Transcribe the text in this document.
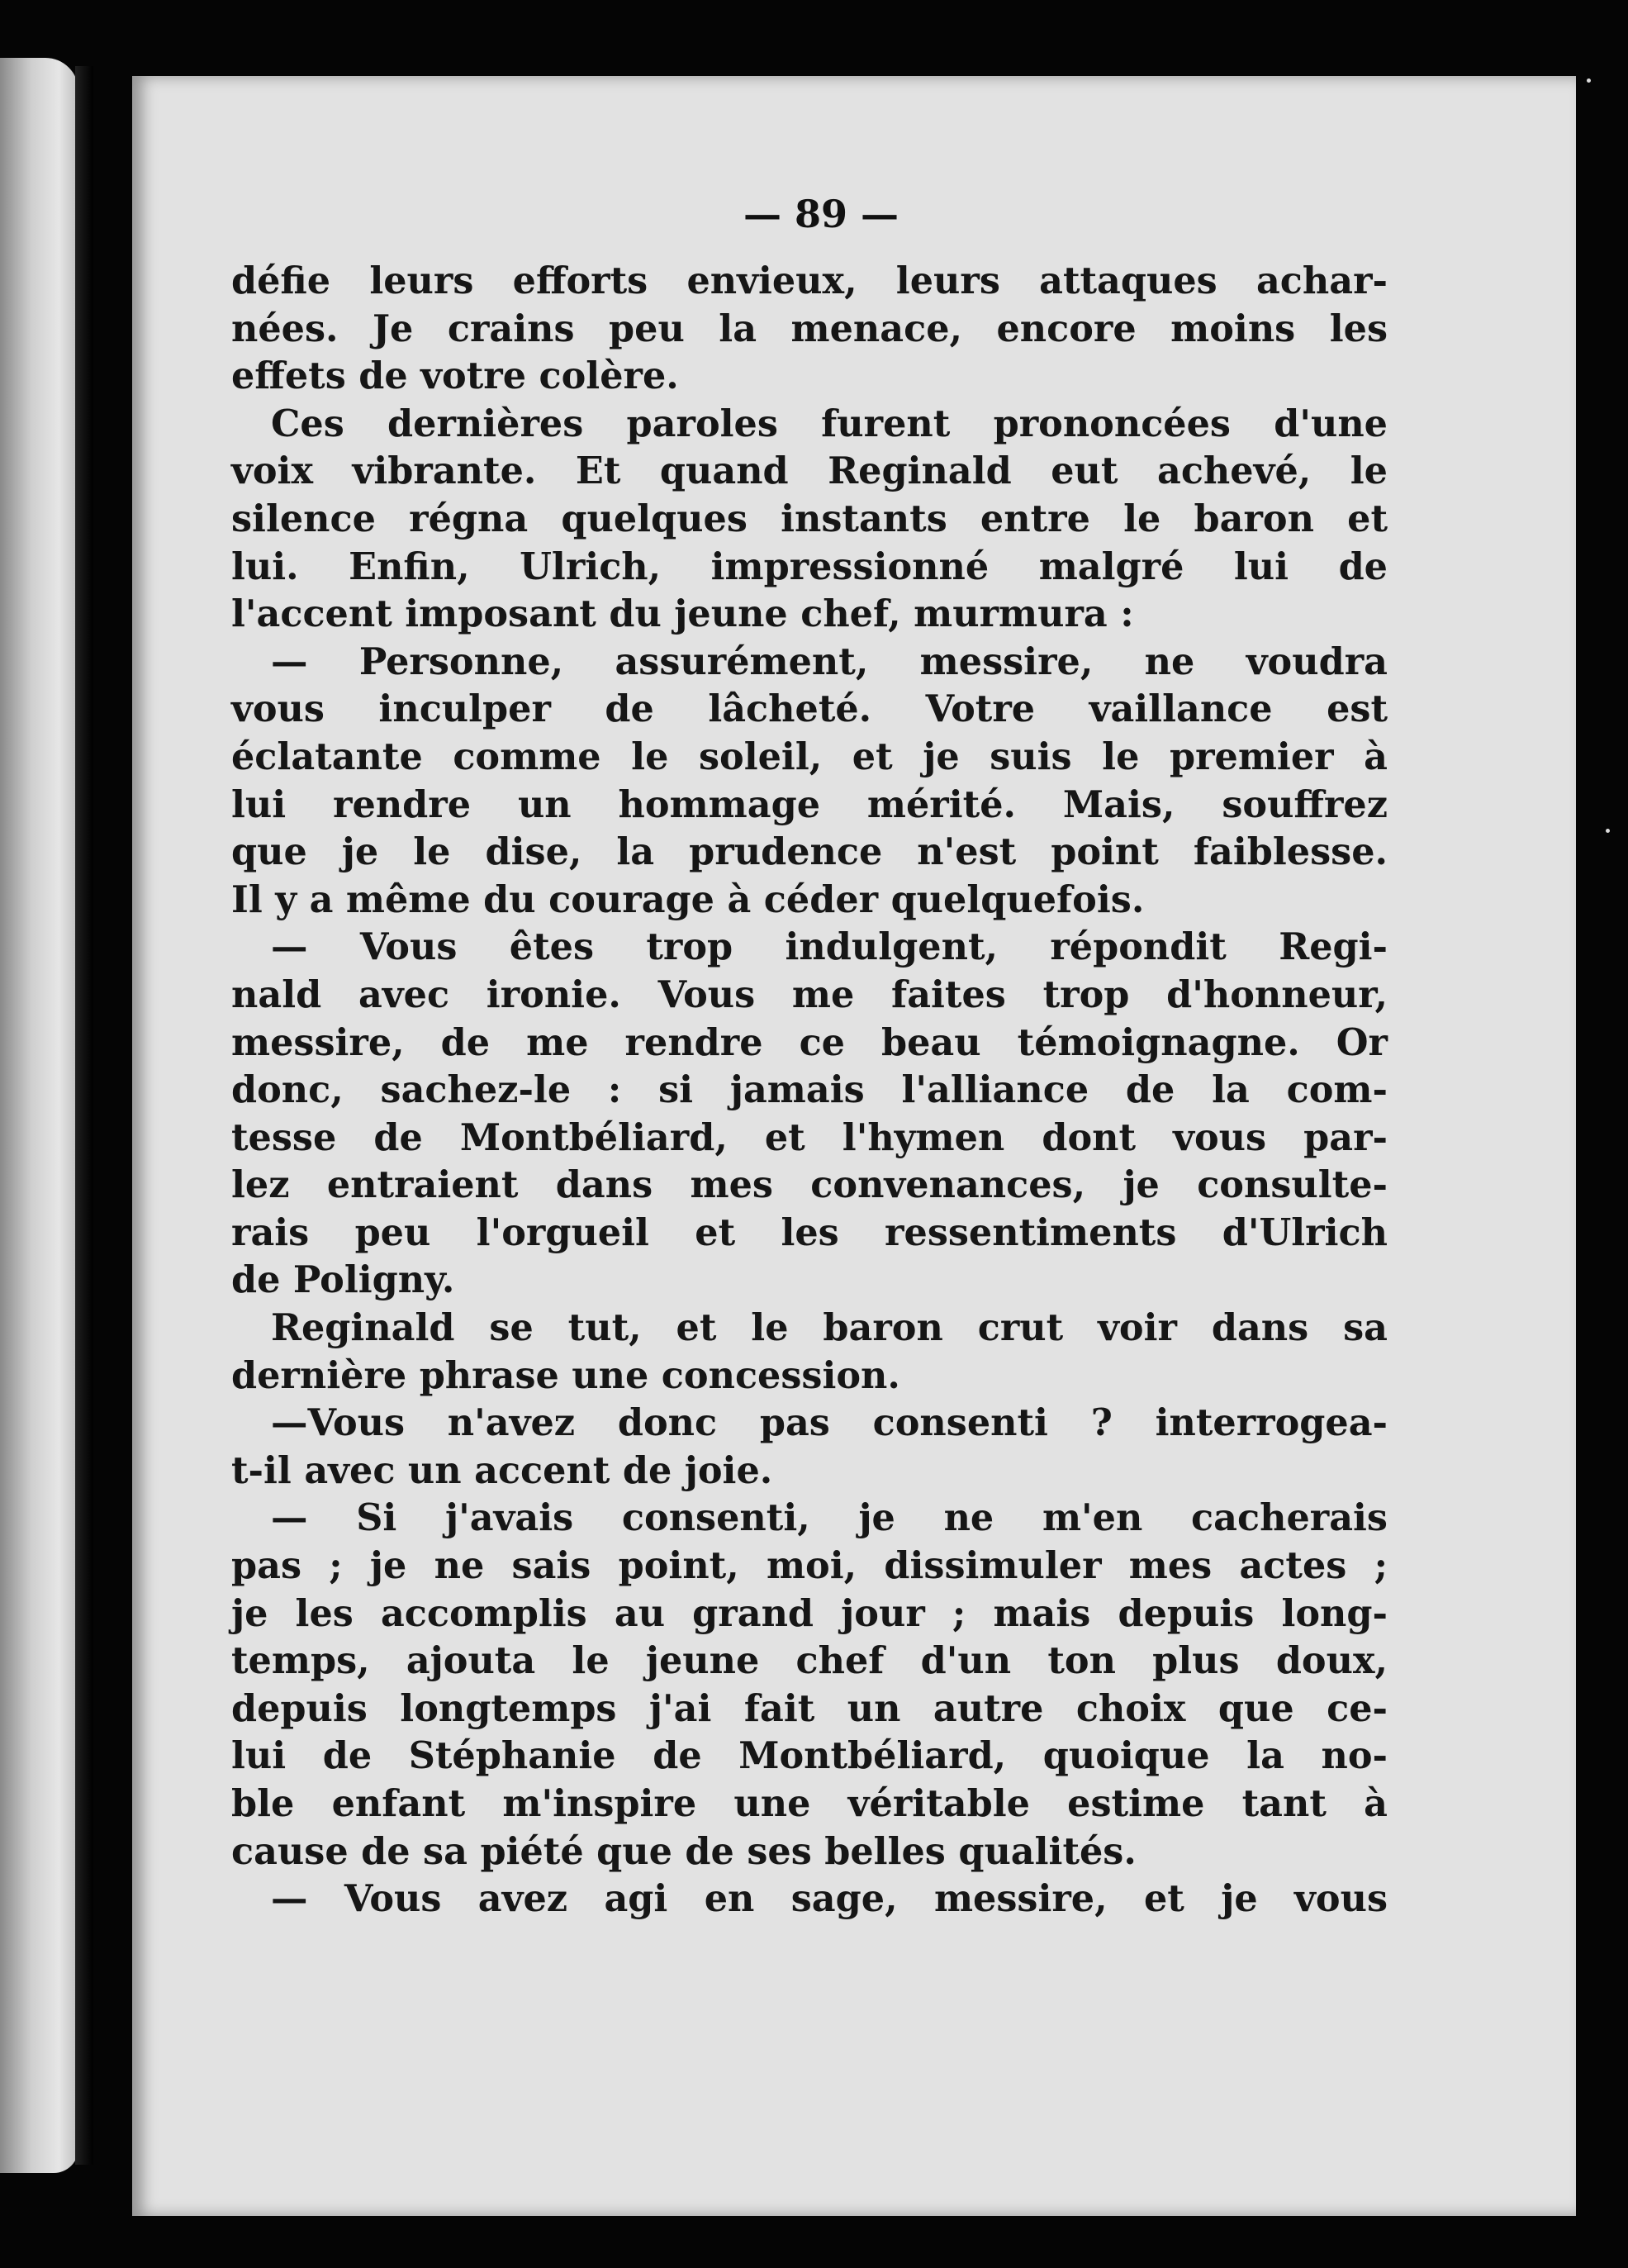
— 89 —
défie leurs efforts envieux, leurs attaques achar-
nées. Je crains peu la menace, encore moins les
effets de votre colère.
Ces dernières paroles furent prononcées d'une
voix vibrante. Et quand Reginald eut achevé, le
silence régna quelques instants entre le baron et
lui. Enfin, Ulrich, impressionné malgré lui de
l'accent imposant du jeune chef, murmura :
— Personne, assurément, messire, ne voudra
vous inculper de lâcheté. Votre vaillance est
éclatante comme le soleil, et je suis le premier à
lui rendre un hommage mérité. Mais, souffrez
que je le dise, la prudence n'est point faiblesse.
Il y a même du courage à céder quelquefois.
— Vous êtes trop indulgent, répondit Regi-
nald avec ironie. Vous me faites trop d'honneur,
messire, de me rendre ce beau témoignagne. Or
donc, sachez-le : si jamais l'alliance de la com-
tesse de Montbéliard, et l'hymen dont vous par-
lez entraient dans mes convenances, je consulte-
rais peu l'orgueil et les ressentiments d'Ulrich
de Poligny.
Reginald se tut, et le baron crut voir dans sa
dernière phrase une concession.
—Vous n'avez donc pas consenti ? interrogea-
t-il avec un accent de joie.
— Si j'avais consenti, je ne m'en cacherais
pas ; je ne sais point, moi, dissimuler mes actes ;
je les accomplis au grand jour ; mais depuis long-
temps, ajouta le jeune chef d'un ton plus doux,
depuis longtemps j'ai fait un autre choix que ce-
lui de Stéphanie de Montbéliard, quoique la no-
ble enfant m'inspire une véritable estime tant à
cause de sa piété que de ses belles qualités.
— Vous avez agi en sage, messire, et je vous
